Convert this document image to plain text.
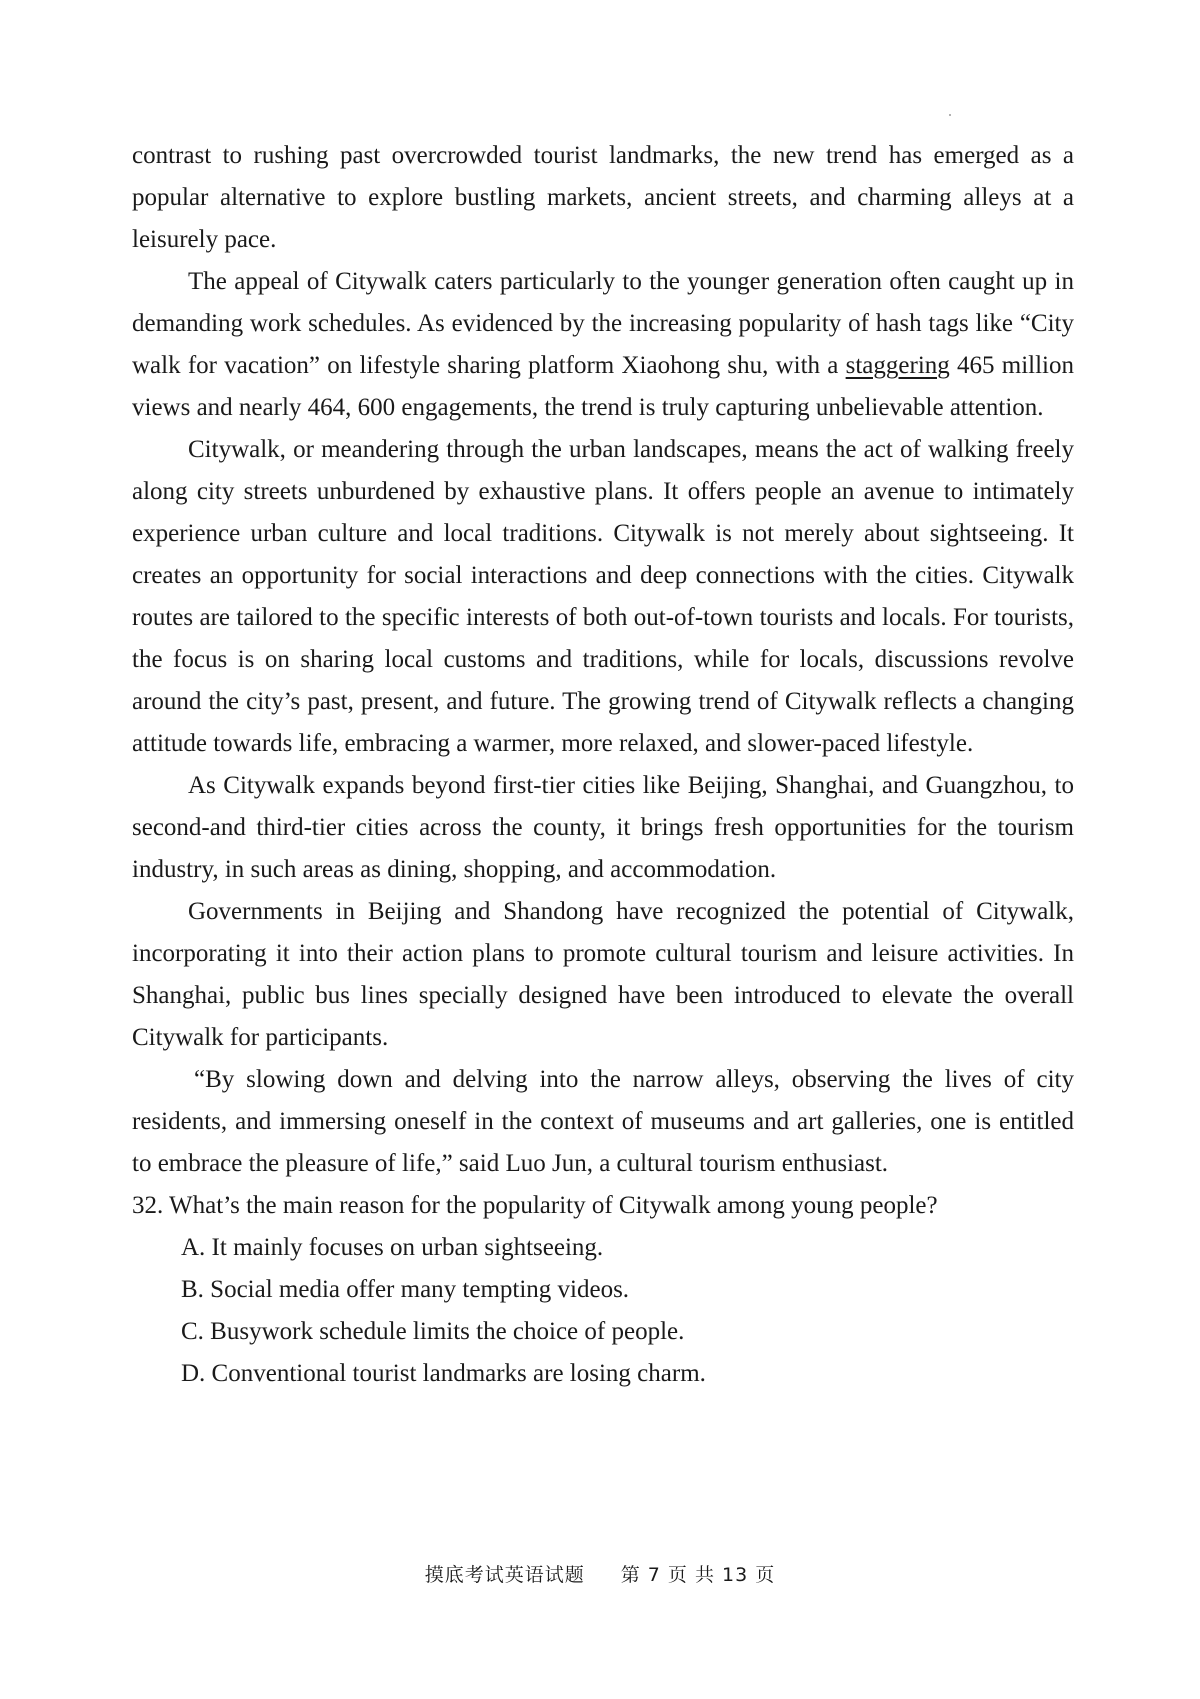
contrast to rushing past overcrowded tourist landmarks, the new trend has emerged as a popular alternative to explore bustling markets, ancient streets, and charming alleys at a leisurely pace.

The appeal of Citywalk caters particularly to the younger generation often caught up in demanding work schedules. As evidenced by the increasing popularity of hash tags like “City walk for vacation” on lifestyle sharing platform Xiaohong shu, with a staggering 465 million views and nearly 464, 600 engagements, the trend is truly capturing unbelievable attention.

Citywalk, or meandering through the urban landscapes, means the act of walking freely along city streets unburdened by exhaustive plans. It offers people an avenue to intimately experience urban culture and local traditions. Citywalk is not merely about sightseeing. It creates an opportunity for social interactions and deep connections with the cities. Citywalk routes are tailored to the specific interests of both out-of-town tourists and locals. For tourists, the focus is on sharing local customs and traditions, while for locals, discussions revolve around the city’s past, present, and future. The growing trend of Citywalk reflects a changing attitude towards life, embracing a warmer, more relaxed, and slower-paced lifestyle.

As Citywalk expands beyond first-tier cities like Beijing, Shanghai, and Guangzhou, to second-and third-tier cities across the county, it brings fresh opportunities for the tourism industry, in such areas as dining, shopping, and accommodation.

Governments in Beijing and Shandong have recognized the potential of Citywalk, incorporating it into their action plans to promote cultural tourism and leisure activities. In Shanghai, public bus lines specially designed have been introduced to elevate the overall Citywalk for participants.

“By slowing down and delving into the narrow alleys, observing the lives of city residents, and immersing oneself in the context of museums and art galleries, one is entitled to embrace the pleasure of life,” said Luo Jun, a cultural tourism enthusiast.

32. What’s the main reason for the popularity of Citywalk among young people?

A. It mainly focuses on urban sightseeing.

B. Social media offer many tempting videos.

C. Busywork schedule limits the choice of people.

D. Conventional tourist landmarks are losing charm.

摸底考试英语试题 第 7 页 共 13 页
